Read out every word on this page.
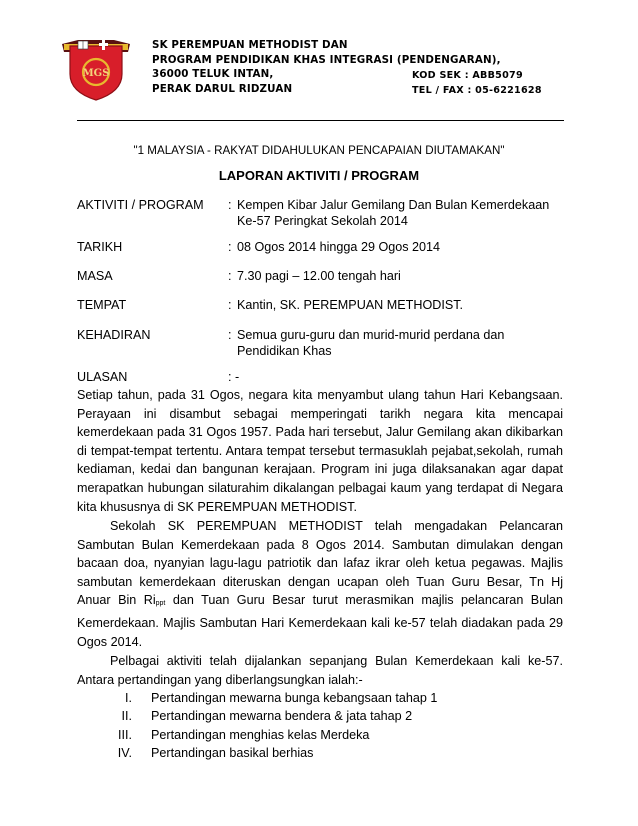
MGS
SK PEREMPUAN METHODIST DAN
PROGRAM PENDIDIKAN KHAS INTEGRASI (PENDENGARAN),
36000 TELUK INTAN,
PERAK DARUL RIDZUAN
KOD SEK : ABB5079
TEL / FAX : 05-6221628
"1 MALAYSIA - RAKYAT DIDAHULUKAN PENCAPAIAN DIUTAMAKAN"
LAPORAN AKTIVITI / PROGRAM
AKTIVITI / PROGRAM : Kempen Kibar Jalur Gemilang Dan Bulan Kemerdekaan Ke-57 Peringkat Sekolah 2014
TARIKH	: 08 Ogos 2014 hingga 29 Ogos 2014
MASA	: 7.30 pagi – 12.00 tengah hari
TEMPAT	: Kantin, SK. PEREMPUAN METHODIST.
KEHADIRAN	: Semua guru-guru dan murid-murid perdana dan Pendidikan Khas
ULASAN	: -
Setiap tahun, pada 31 Ogos, negara kita menyambut ulang tahun Hari Kebangsaan. Perayaan ini disambut sebagai memperingati tarikh negara kita mencapai kemerdekaan pada 31 Ogos 1957. Pada hari tersebut, Jalur Gemilang akan dikibarkan di tempat-tempat tertentu. Antara tempat tersebut termasuklah pejabat,sekolah, rumah kediaman, kedai dan bangunan kerajaan. Program ini juga dilaksanakan agar dapat merapatkan hubungan silaturahim dikalangan pelbagai kaum yang terdapat di Negara kita khususnya di SK PEREMPUAN METHODIST.
Sekolah SK PEREMPUAN METHODIST telah mengadakan Pelancaran Sambutan Bulan Kemerdekaan pada 8 Ogos 2014. Sambutan dimulakan dengan bacaan doa, nyanyian lagu-lagu patriotik dan lafaz ikrar oleh ketua pegawas. Majlis sambutan kemerdekaan diteruskan dengan ucapan oleh Tuan Guru Besar, Tn Hj Anuar Bin $Ri_{ppt}$ dan Tuan Guru Besar turut merasmikan majlis pelancaran Bulan Kemerdekaan. Majlis Sambutan Hari Kemerdekaan kali ke-57 telah diadakan pada 29 Ogos 2014.
Pelbagai aktiviti telah dijalankan sepanjang Bulan Kemerdekaan kali ke-57. Antara pertandingan yang diberlangsungkan ialah:-
I. Pertandingan mewarna bunga kebangsaan tahap 1
II. Pertandingan mewarna bendera & jata tahap 2
III. Pertandingan menghias kelas Merdeka
IV. Pertandingan basikal berhias
